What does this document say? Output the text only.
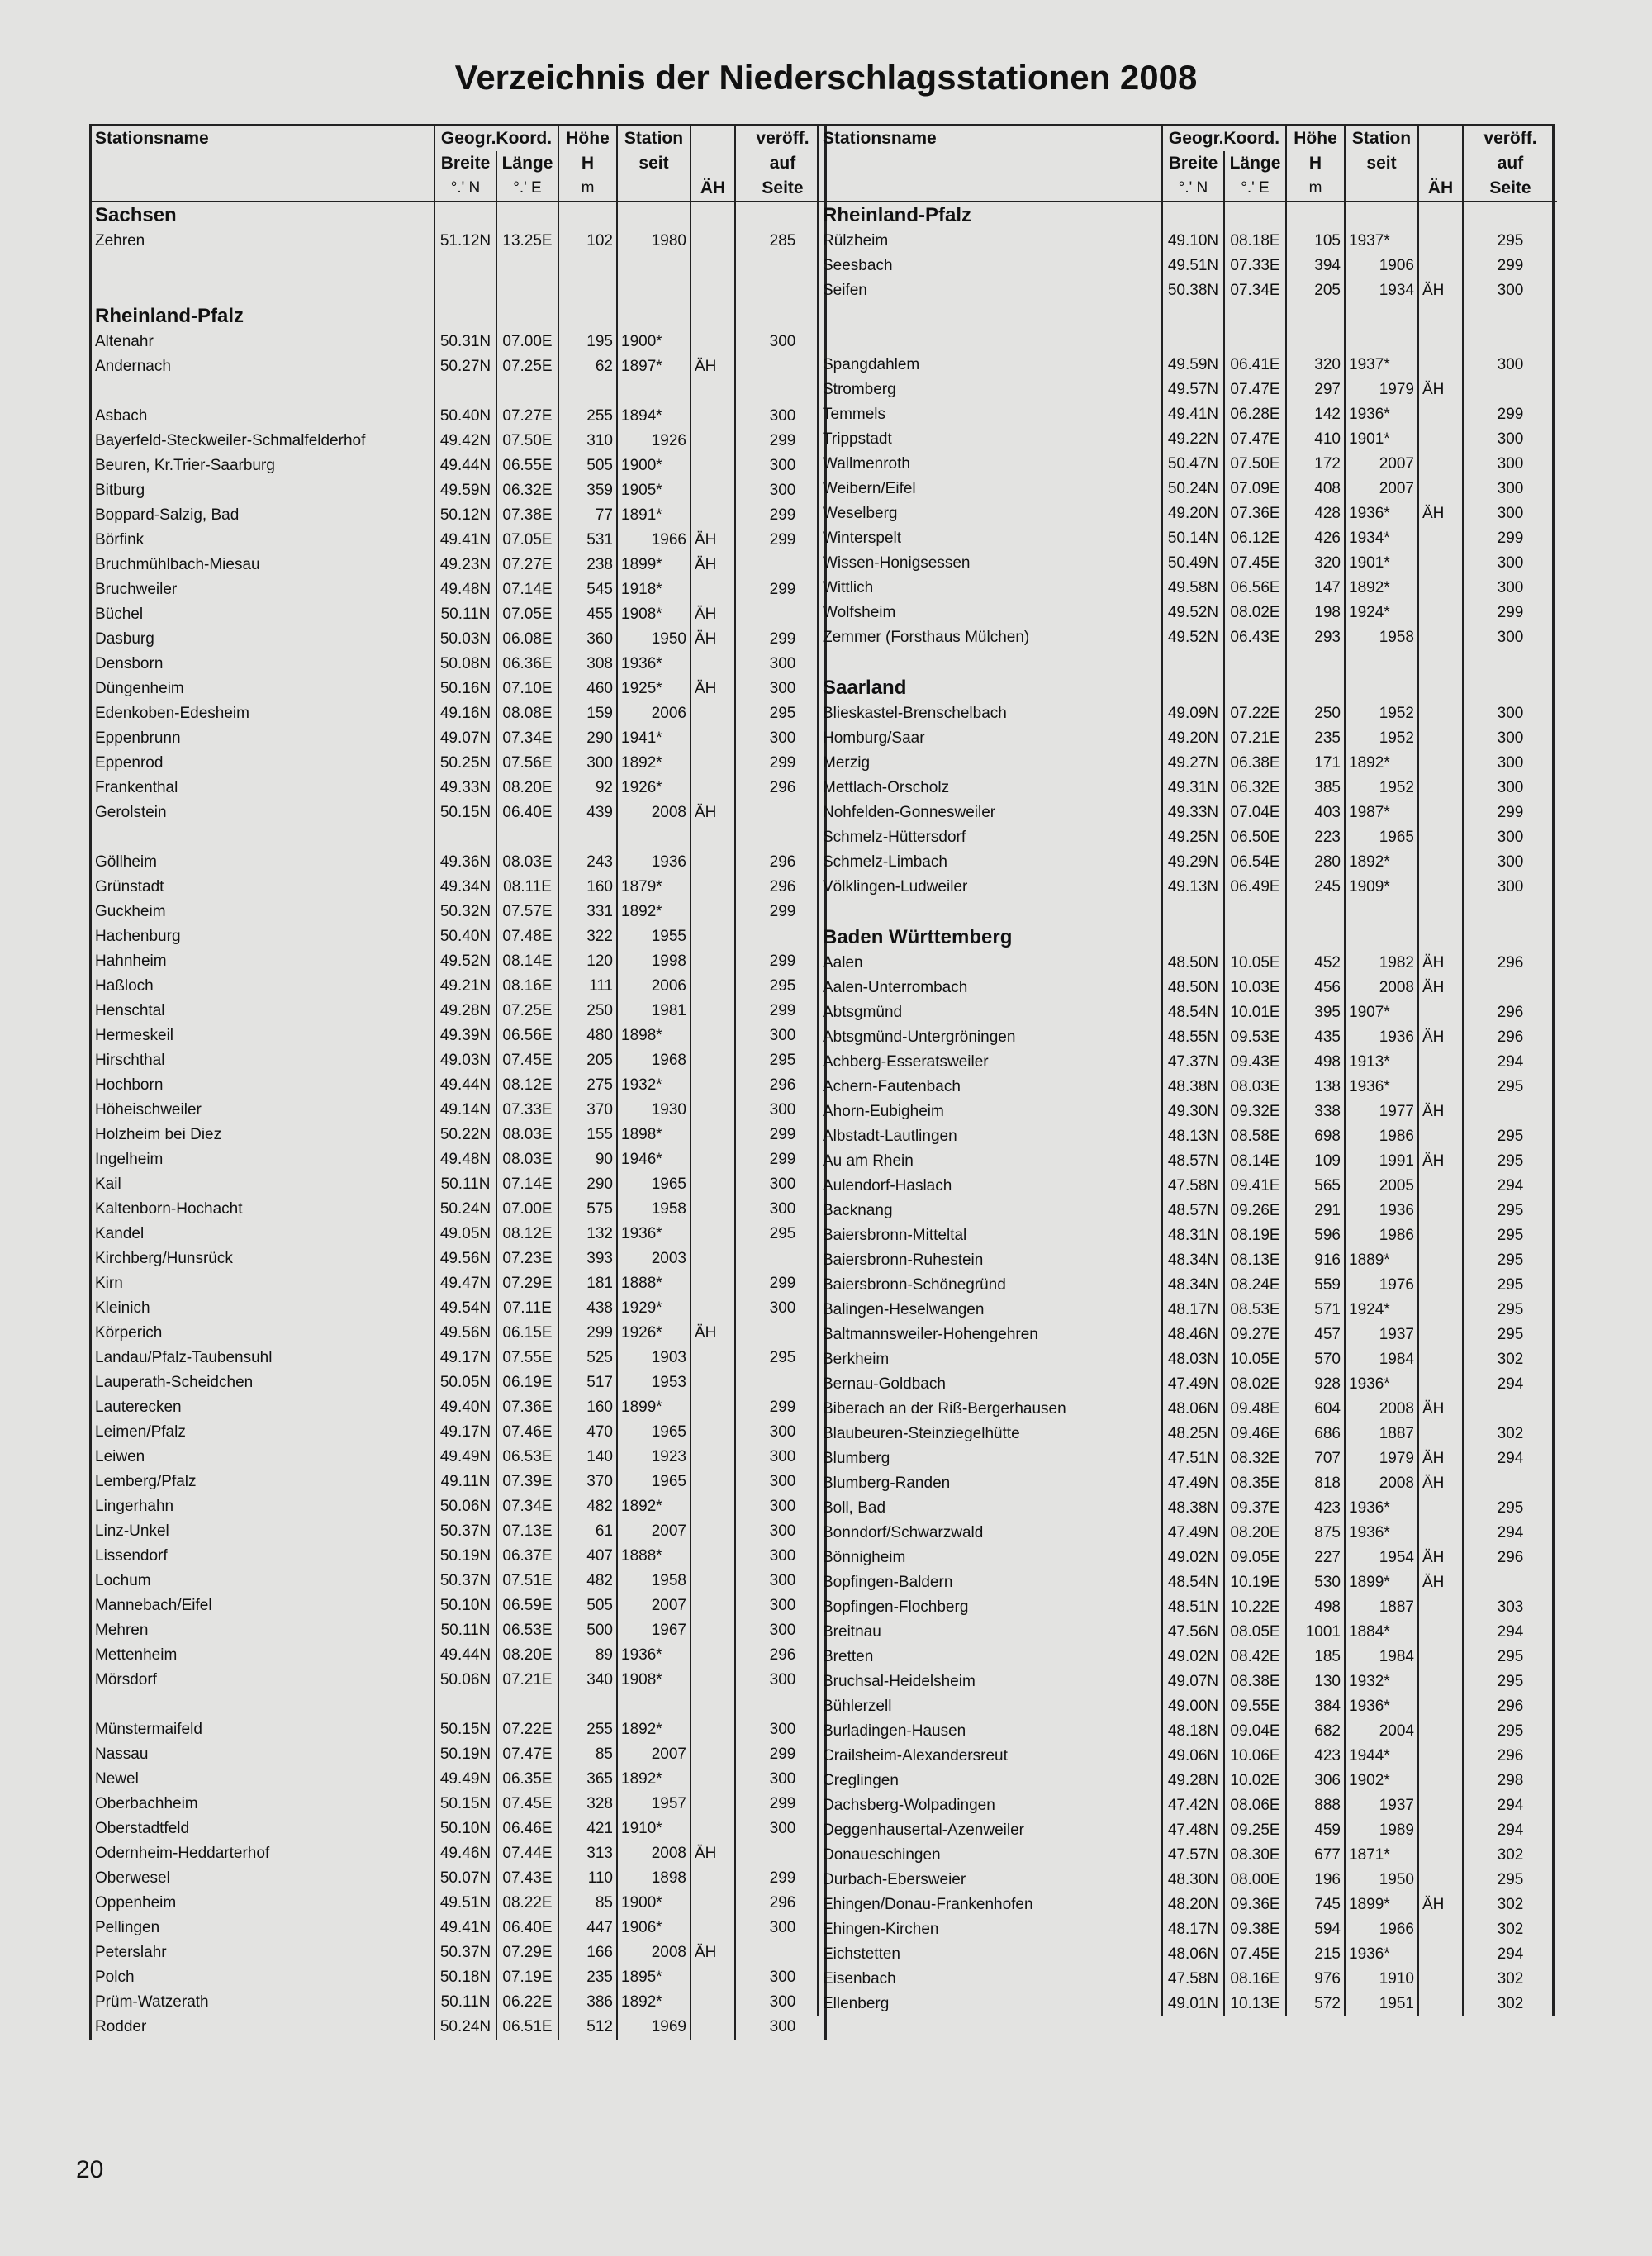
Verzeichnis der Niederschlagsstationen 2008
Stationsname	Geogr.Koord.		Höhe	Station		veröff.
	Breite	Länge	H	seit		auf
	°.' N	°.' E	m		ÄH	Seite
Sachsen						
Zehren	51.12N	13.25E	102	1980		285

Rheinland-Pfalz						
Altenahr	50.31N	07.00E	195	1900*		300
Andernach	50.27N	07.25E	62	1897*	ÄH	

Asbach	50.40N	07.27E	255	1894*		300
Bayerfeld-Steckweiler-Schmalfelderhof	49.42N	07.50E	310	1926		299
Beuren, Kr.Trier-Saarburg	49.44N	06.55E	505	1900*		300
Bitburg	49.59N	06.32E	359	1905*		300
Boppard-Salzig, Bad	50.12N	07.38E	77	1891*		299
Börfink	49.41N	07.05E	531	1966	ÄH	299
Bruchmühlbach-Miesau	49.23N	07.27E	238	1899*	ÄH	
Bruchweiler	49.48N	07.14E	545	1918*		299
Büchel	50.11N	07.05E	455	1908*	ÄH	
Dasburg	50.03N	06.08E	360	1950	ÄH	299
Densborn	50.08N	06.36E	308	1936*		300
Düngenheim	50.16N	07.10E	460	1925*	ÄH	300
Edenkoben-Edesheim	49.16N	08.08E	159	2006		295
Eppenbrunn	49.07N	07.34E	290	1941*		300
Eppenrod	50.25N	07.56E	300	1892*		299
Frankenthal	49.33N	08.20E	92	1926*		296
Gerolstein	50.15N	06.40E	439	2008	ÄH	

Göllheim	49.36N	08.03E	243	1936		296
Grünstadt	49.34N	08.11E	160	1879*		296
Guckheim	50.32N	07.57E	331	1892*		299
Hachenburg	50.40N	07.48E	322	1955		
Hahnheim	49.52N	08.14E	120	1998		299
Haßloch	49.21N	08.16E	111	2006		295
Henschtal	49.28N	07.25E	250	1981		299
Hermeskeil	49.39N	06.56E	480	1898*		300
Hirschthal	49.03N	07.45E	205	1968		295
Hochborn	49.44N	08.12E	275	1932*		296
Höheischweiler	49.14N	07.33E	370	1930		300
Holzheim bei Diez	50.22N	08.03E	155	1898*		299
Ingelheim	49.48N	08.03E	90	1946*		299
Kail	50.11N	07.14E	290	1965		300
Kaltenborn-Hochacht	50.24N	07.00E	575	1958		300
Kandel	49.05N	08.12E	132	1936*		295
Kirchberg/Hunsrück	49.56N	07.23E	393	2003		
Kirn	49.47N	07.29E	181	1888*		299
Kleinich	49.54N	07.11E	438	1929*		300
Körperich	49.56N	06.15E	299	1926*	ÄH	
Landau/Pfalz-Taubensuhl	49.17N	07.55E	525	1903		295
Lauperath-Scheidchen	50.05N	06.19E	517	1953		
Lauterecken	49.40N	07.36E	160	1899*		299
Leimen/Pfalz	49.17N	07.46E	470	1965		300
Leiwen	49.49N	06.53E	140	1923		300
Lemberg/Pfalz	49.11N	07.39E	370	1965		300
Lingerhahn	50.06N	07.34E	482	1892*		300
Linz-Unkel	50.37N	07.13E	61	2007		300
Lissendorf	50.19N	06.37E	407	1888*		300
Lochum	50.37N	07.51E	482	1958		300
Mannebach/Eifel	50.10N	06.59E	505	2007		300
Mehren	50.11N	06.53E	500	1967		300
Mettenheim	49.44N	08.20E	89	1936*		296
Mörsdorf	50.06N	07.21E	340	1908*		300

Münstermaifeld	50.15N	07.22E	255	1892*		300
Nassau	50.19N	07.47E	85	2007		299
Newel	49.49N	06.35E	365	1892*		300
Oberbachheim	50.15N	07.45E	328	1957		299
Oberstadtfeld	50.10N	06.46E	421	1910*		300
Odernheim-Heddarterhof	49.46N	07.44E	313	2008	ÄH	
Oberwesel	50.07N	07.43E	110	1898		299
Oppenheim	49.51N	08.22E	85	1900*		296
Pellingen	49.41N	06.40E	447	1906*		300
Peterslahr	50.37N	07.29E	166	2008	ÄH	
Polch	50.18N	07.19E	235	1895*		300
Prüm-Watzerath	50.11N	06.22E	386	1892*		300
Rodder	50.24N	06.51E	512	1969		300
Stationsname	Geogr.Koord.		Höhe	Station		veröff.
	Breite	Länge	H	seit		auf
	°.' N	°.' E	m		ÄH	Seite
Rheinland-Pfalz						
Rülzheim	49.10N	08.18E	105	1937*		295
Seesbach	49.51N	07.33E	394	1906		299
Seifen	50.38N	07.34E	205	1934	ÄH	300

Spangdahlem	49.59N	06.41E	320	1937*		300
Stromberg	49.57N	07.47E	297	1979	ÄH	
Temmels	49.41N	06.28E	142	1936*		299
Trippstadt	49.22N	07.47E	410	1901*		300
Wallmenroth	50.47N	07.50E	172	2007		300
Weibern/Eifel	50.24N	07.09E	408	2007		300
Weselberg	49.20N	07.36E	428	1936*	ÄH	300
Winterspelt	50.14N	06.12E	426	1934*		299
Wissen-Honigsessen	50.49N	07.45E	320	1901*		300
Wittlich	49.58N	06.56E	147	1892*		300
Wolfsheim	49.52N	08.02E	198	1924*		299
Zemmer (Forsthaus Mülchen)	49.52N	06.43E	293	1958		300

Saarland						
Blieskastel-Brenschelbach	49.09N	07.22E	250	1952		300
Homburg/Saar	49.20N	07.21E	235	1952		300
Merzig	49.27N	06.38E	171	1892*		300
Mettlach-Orscholz	49.31N	06.32E	385	1952		300
Nohfelden-Gonnesweiler	49.33N	07.04E	403	1987*		299
Schmelz-Hüttersdorf	49.25N	06.50E	223	1965		300
Schmelz-Limbach	49.29N	06.54E	280	1892*		300
Völklingen-Ludweiler	49.13N	06.49E	245	1909*		300

Baden Württemberg						
Aalen	48.50N	10.05E	452	1982	ÄH	296
Aalen-Unterrombach	48.50N	10.03E	456	2008	ÄH	
Abtsgmünd	48.54N	10.01E	395	1907*		296
Abtsgmünd-Untergröningen	48.55N	09.53E	435	1936	ÄH	296
Achberg-Esseratsweiler	47.37N	09.43E	498	1913*		294
Achern-Fautenbach	48.38N	08.03E	138	1936*		295
Ahorn-Eubigheim	49.30N	09.32E	338	1977	ÄH	
Albstadt-Lautlingen	48.13N	08.58E	698	1986		295
Au am Rhein	48.57N	08.14E	109	1991	ÄH	295
Aulendorf-Haslach	47.58N	09.41E	565	2005		294
Backnang	48.57N	09.26E	291	1936		295
Baiersbronn-Mitteltal	48.31N	08.19E	596	1986		295
Baiersbronn-Ruhestein	48.34N	08.13E	916	1889*		295
Baiersbronn-Schönegründ	48.34N	08.24E	559	1976		295
Balingen-Heselwangen	48.17N	08.53E	571	1924*		295
Baltmannsweiler-Hohengehren	48.46N	09.27E	457	1937		295
Berkheim	48.03N	10.05E	570	1984		302
Bernau-Goldbach	47.49N	08.02E	928	1936*		294
Biberach an der Riß-Bergerhausen	48.06N	09.48E	604	2008	ÄH	
Blaubeuren-Steinziegelhütte	48.25N	09.46E	686	1887		302
Blumberg	47.51N	08.32E	707	1979	ÄH	294
Blumberg-Randen	47.49N	08.35E	818	2008	ÄH	
Boll, Bad	48.38N	09.37E	423	1936*		295
Bonndorf/Schwarzwald	47.49N	08.20E	875	1936*		294
Bönnigheim	49.02N	09.05E	227	1954	ÄH	296
Bopfingen-Baldern	48.54N	10.19E	530	1899*	ÄH	
Bopfingen-Flochberg	48.51N	10.22E	498	1887		303
Breitnau	47.56N	08.05E	1001	1884*		294
Bretten	49.02N	08.42E	185	1984		295
Bruchsal-Heidelsheim	49.07N	08.38E	130	1932*		295
Bühlerzell	49.00N	09.55E	384	1936*		296
Burladingen-Hausen	48.18N	09.04E	682	2004		295
Crailsheim-Alexandersreut	49.06N	10.06E	423	1944*		296
Creglingen	49.28N	10.02E	306	1902*		298
Dachsberg-Wolpadingen	47.42N	08.06E	888	1937		294
Deggenhausertal-Azenweiler	47.48N	09.25E	459	1989		294
Donaueschingen	47.57N	08.30E	677	1871*		302
Durbach-Ebersweier	48.30N	08.00E	196	1950		295
Ehingen/Donau-Frankenhofen	48.20N	09.36E	745	1899*	ÄH	302
Ehingen-Kirchen	48.17N	09.38E	594	1966		302
Eichstetten	48.06N	07.45E	215	1936*		294
Eisenbach	47.58N	08.16E	976	1910		302
Ellenberg	49.01N	10.13E	572	1951		302
20
